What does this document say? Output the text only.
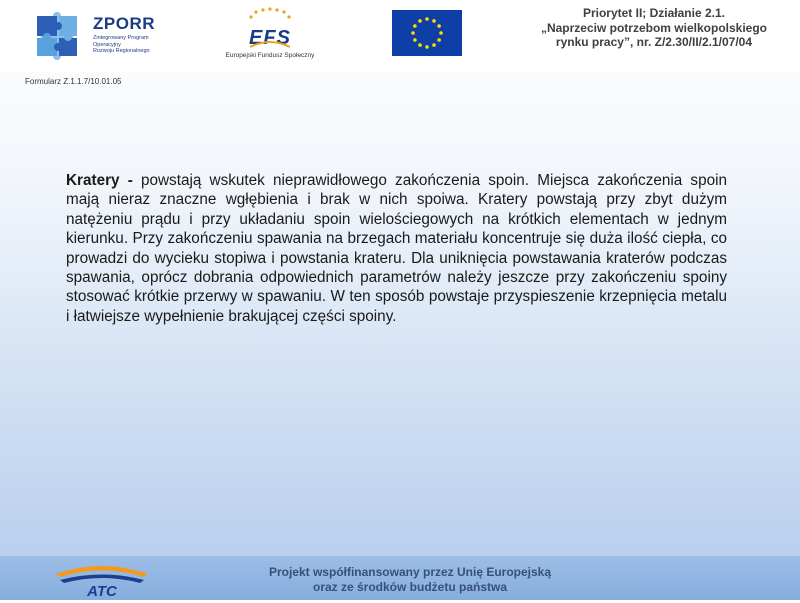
ZPORR
Zintegrowany Program
Operacyjny
Rozwoju Regionalnego
EFS
Europejski Fundusz Społeczny
Priorytet II; Działanie 2.1.
„Naprzeciw potrzebom wielkopolskiego
rynku pracy”, nr. Z/2.30/II/2.1/07/04
Formularz Z.1.1.7/10.01.05

Kratery - powstają wskutek nieprawidłowego zakończenia spoin. Miejsca zakończenia spoin mają nieraz znaczne wgłębienia i brak w nich spoiwa. Kratery powstają przy zbyt dużym natężeniu prądu i przy układaniu spoin wielościegowych na krótkich elementach w jednym kierunku. Przy zakończeniu spawania na brzegach materiału koncentruje się duża ilość ciepła, co prowadzi do wycieku stopiwa i powstania krateru. Dla uniknięcia powstawania kraterów podczas spawania, oprócz dobrania odpowiednich parametrów należy jeszcze przy zakończeniu spoiny stosować krótkie przerwy w spawaniu. W ten sposób powstaje przyspieszenie krzepnięcia metalu i łatwiejsze wypełnienie brakującej części spoiny.

ATC
Projekt współfinansowany przez Unię Europejską
oraz ze środków budżetu państwa
